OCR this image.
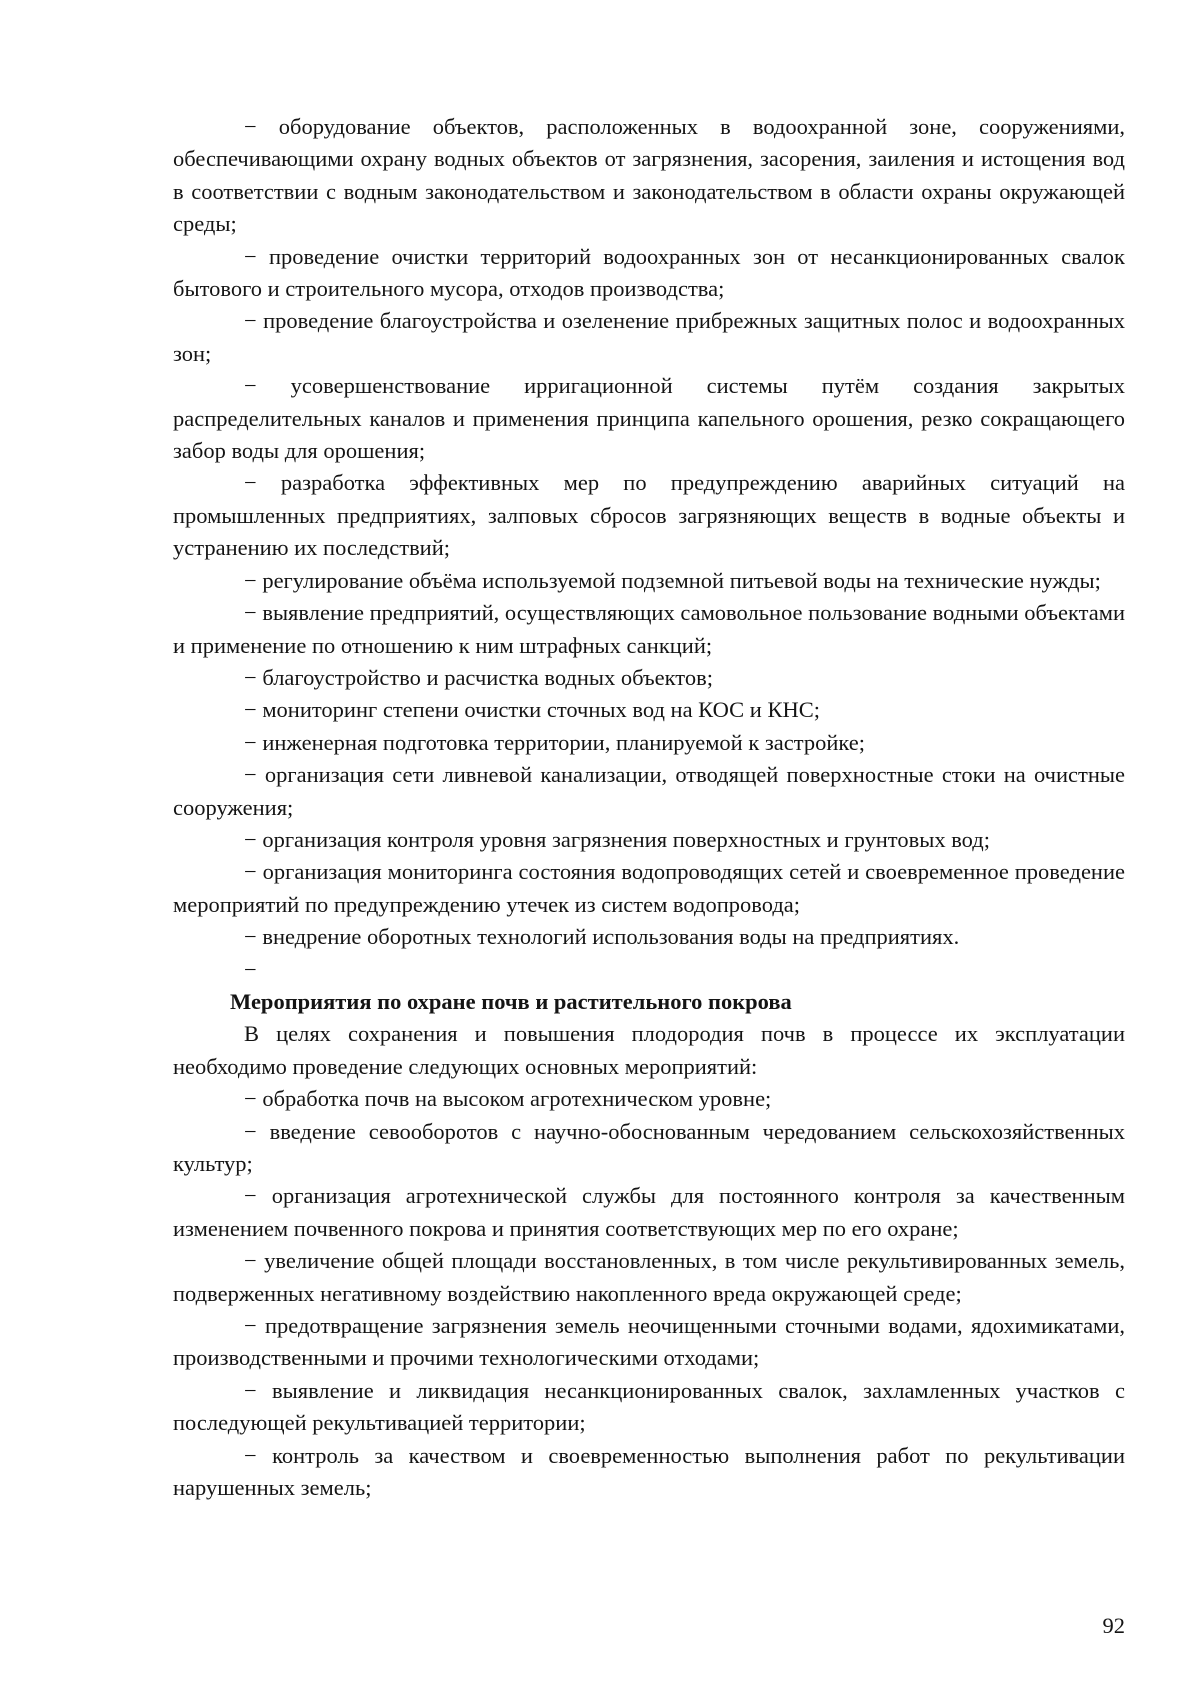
− оборудование объектов, расположенных в водоохранной зоне, сооружениями, обеспечивающими охрану водных объектов от загрязнения, засорения, заиления и истощения вод в соответствии с водным законодательством и законодательством в области охраны окружающей среды;

− проведение очистки территорий водоохранных зон от несанкционированных свалок бытового и строительного мусора, отходов производства;

− проведение благоустройства и озеленение прибрежных защитных полос и водоохранных зон;

− усовершенствование ирригационной системы путём создания закрытых распределительных каналов и применения принципа капельного орошения, резко сокращающего забор воды для орошения;

− разработка эффективных мер по предупреждению аварийных ситуаций на промышленных предприятиях, залповых сбросов загрязняющих веществ в водные объекты и устранению их последствий;

− регулирование объёма используемой подземной питьевой воды на технические нужды;

− выявление предприятий, осуществляющих самовольное пользование водными объектами и применение по отношению к ним штрафных санкций;

− благоустройство и расчистка водных объектов;

− мониторинг степени очистки сточных вод на КОС и КНС;

− инженерная подготовка территории, планируемой к застройке;

− организация сети ливневой канализации, отводящей поверхностные стоки на очистные сооружения;

− организация контроля уровня загрязнения поверхностных и грунтовых вод;

− организация мониторинга состояния водопроводящих сетей и своевременное проведение мероприятий по предупреждению утечек из систем водопровода;

− внедрение оборотных технологий использования воды на предприятиях.

−

Мероприятия по охране почв и растительного покрова

В целях сохранения и повышения плодородия почв в процессе их эксплуатации необходимо проведение следующих основных мероприятий:

− обработка почв на высоком агротехническом уровне;

− введение севооборотов с научно-обоснованным чередованием сельскохозяйственных культур;

− организация агротехнической службы для постоянного контроля за качественным изменением почвенного покрова и принятия соответствующих мер по его охране;

− увеличение общей площади восстановленных, в том числе рекультивированных земель, подверженных негативному воздействию накопленного вреда окружающей среде;

− предотвращение загрязнения земель неочищенными сточными водами, ядохимикатами, производственными и прочими технологическими отходами;

− выявление и ликвидация несанкционированных свалок, захламленных участков с последующей рекультивацией территории;

− контроль за качеством и своевременностью выполнения работ по рекультивации нарушенных земель;

92
